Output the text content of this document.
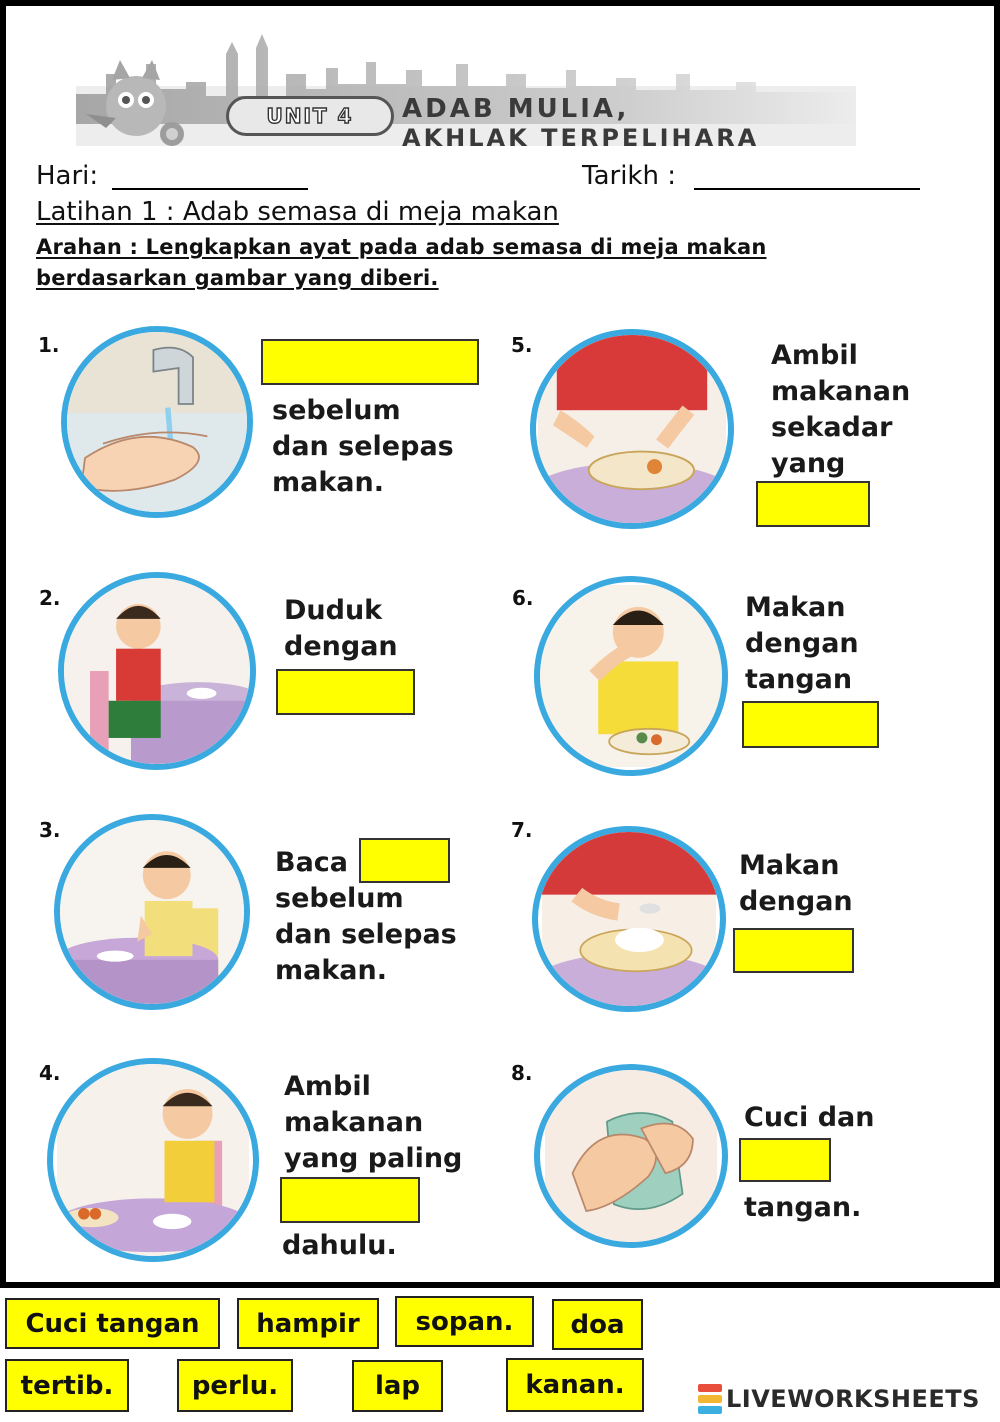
UNIT 4	ADAB MULIA,
AKHLAK TERPELIHARA
Hari:	Tarikh :
Latihan 1 : Adab semasa di meja makan
Arahan : Lengkapkan ayat pada adab semasa di meja makan
berdasarkan gambar yang diberi.
1.
sebelum
dan selepas
makan.
2.	Duduk
dengan
3.
Baca
sebelum
dan selepas
makan.
4.	Ambil
makanan
yang paling
dahulu.
5.	Ambil
makanan
sekadar
yang
6.	Makan
dengan
tangan
7.
Makan
dengan
8.
Cuci dan
tangan.
Cuci tangan	hampir	sopan.	doa
tertib.	perlu.	lap	kanan.	LIVEWORKSHEETS
